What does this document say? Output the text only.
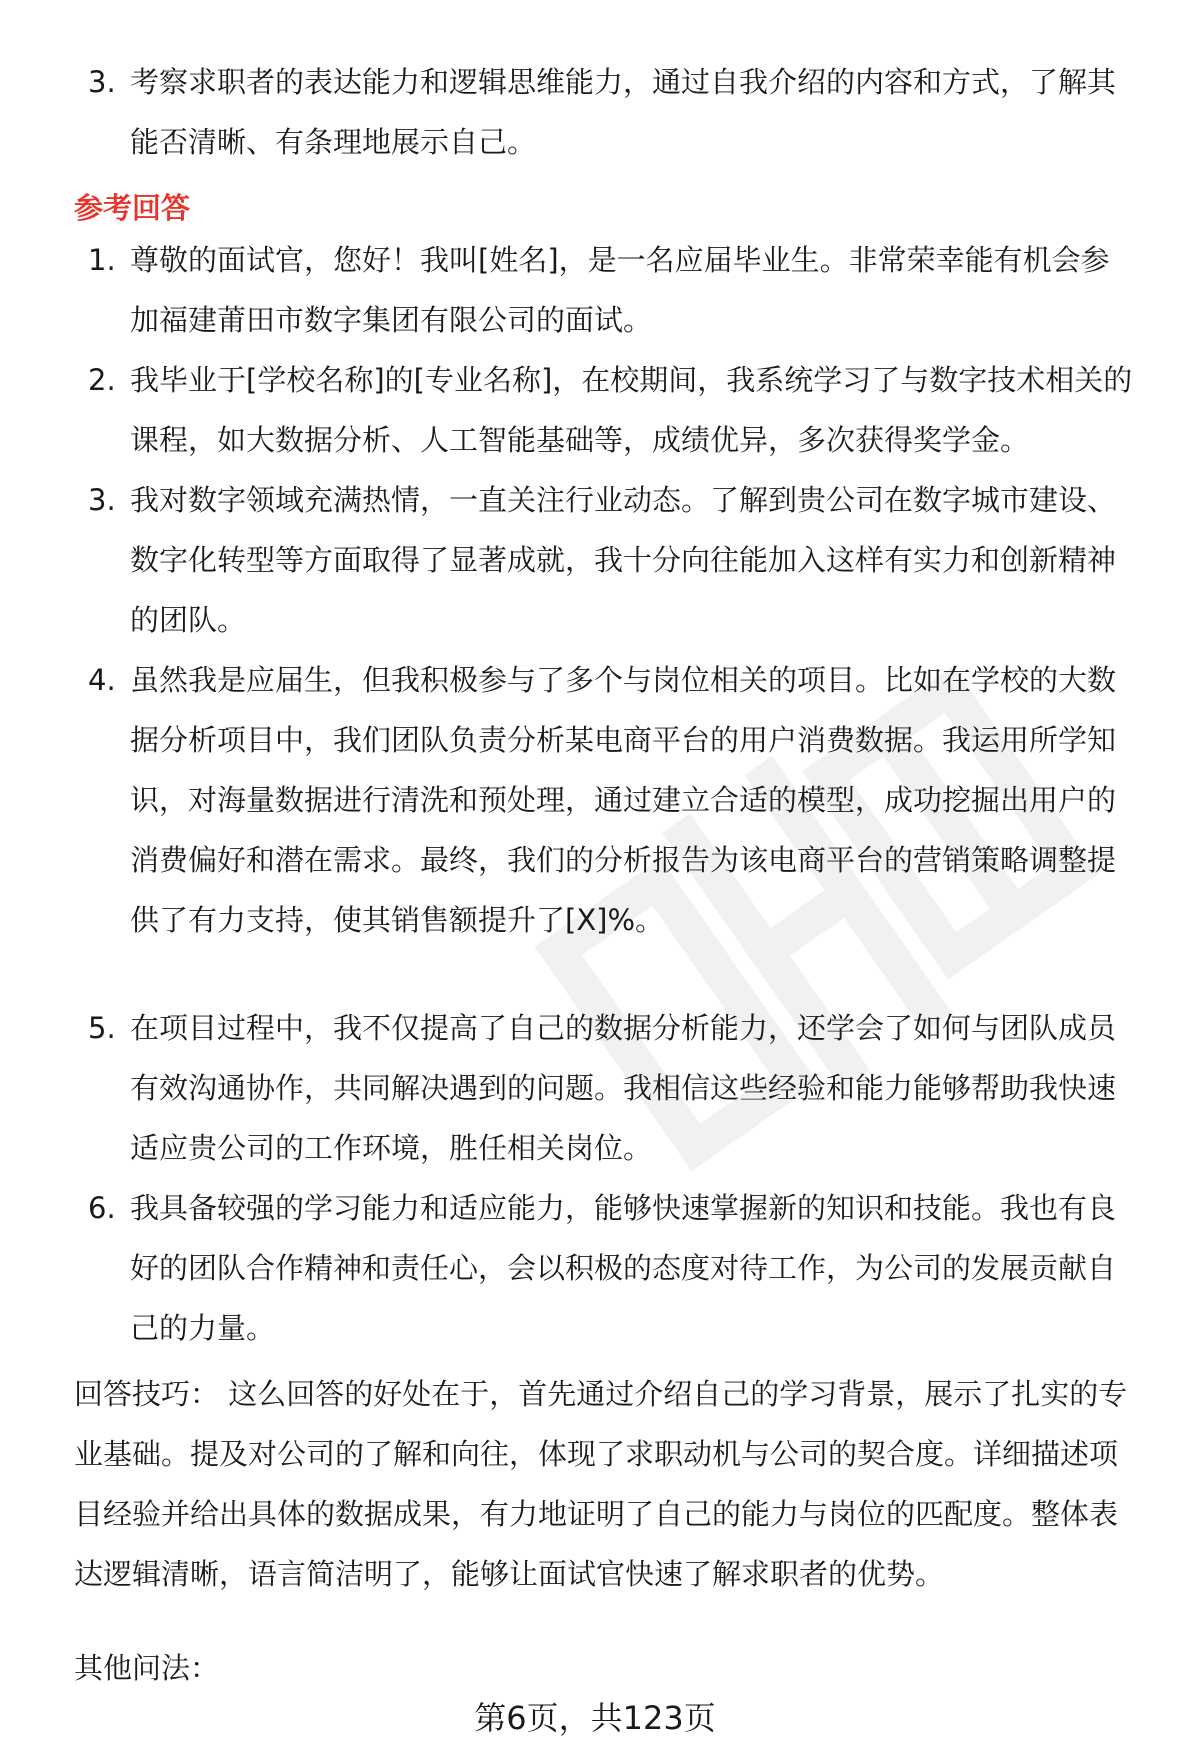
3. 考察求职者的表达能力和逻辑思维能力，通过自我介绍的内容和方式，了解其
能否清晰、有条理地展示自己。
参考回答
1. 尊敬的面试官，您好！我叫[姓名]，是一名应届毕业生。非常荣幸能有机会参
加福建莆田市数字集团有限公司的面试。
2. 我毕业于[学校名称]的[专业名称]，在校期间，我系统学习了与数字技术相关的
课程，如大数据分析、人工智能基础等，成绩优异，多次获得奖学金。
3. 我对数字领域充满热情，一直关注行业动态。了解到贵公司在数字城市建设、
数字化转型等方面取得了显著成就，我十分向往能加入这样有实力和创新精神
的团队。
4. 虽然我是应届生，但我积极参与了多个与岗位相关的项目。比如在学校的大数
据分析项目中，我们团队负责分析某电商平台的用户消费数据。我运用所学知
识，对海量数据进行清洗和预处理，通过建立合适的模型，成功挖掘出用户的
消费偏好和潜在需求。最终，我们的分析报告为该电商平台的营销策略调整提
供了有力支持，使其销售额提升了[X]%。
5. 在项目过程中，我不仅提高了自己的数据分析能力，还学会了如何与团队成员
有效沟通协作，共同解决遇到的问题。我相信这些经验和能力能够帮助我快速
适应贵公司的工作环境，胜任相关岗位。
6. 我具备较强的学习能力和适应能力，能够快速掌握新的知识和技能。我也有良
好的团队合作精神和责任心，会以积极的态度对待工作，为公司的发展贡献自
己的力量。
回答技巧： 这么回答的好处在于，首先通过介绍自己的学习背景，展示了扎实的专
业基础。提及对公司的了解和向往，体现了求职动机与公司的契合度。详细描述项
目经验并给出具体的数据成果，有力地证明了自己的能力与岗位的匹配度。整体表
达逻辑清晰，语言简洁明了，能够让面试官快速了解求职者的优势。
其他问法：
第6页，共123页
